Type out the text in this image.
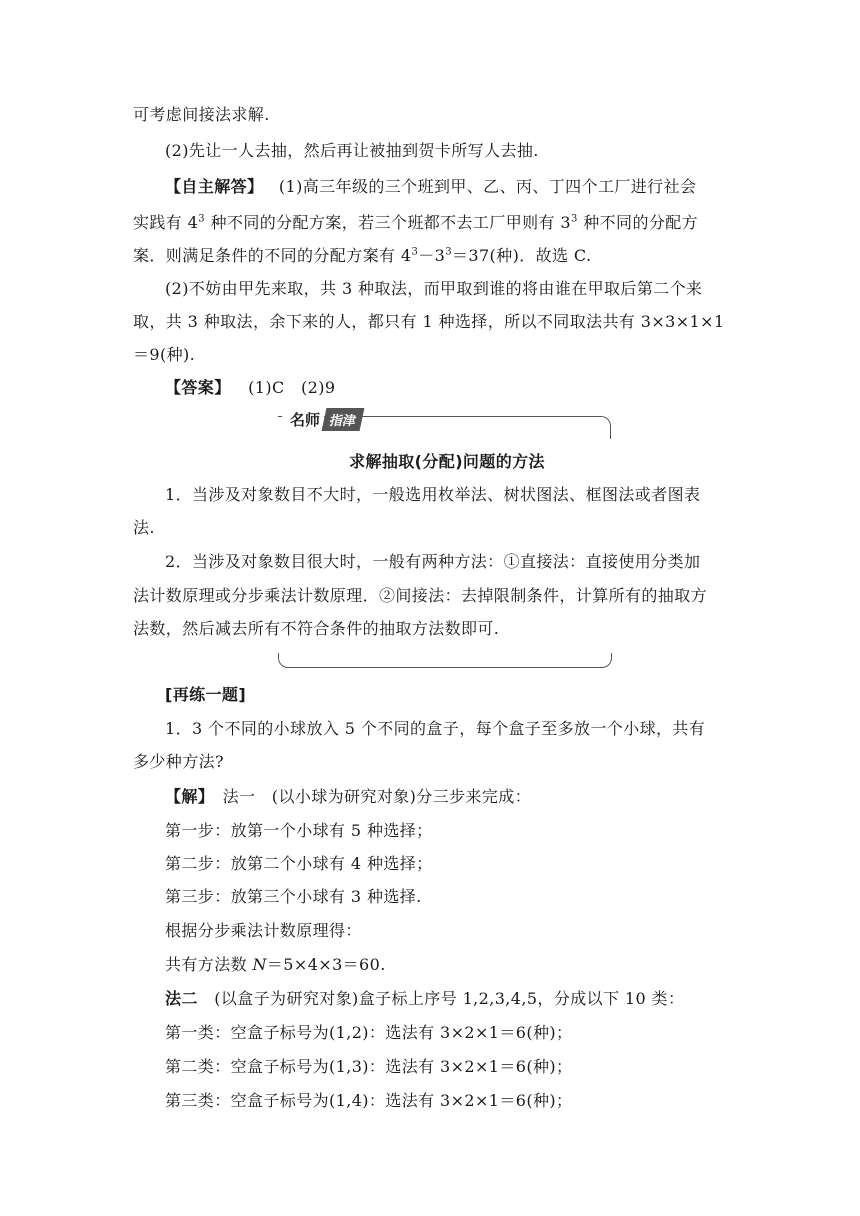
可考虑间接法求解.
(2)先让一人去抽，然后再让被抽到贺卡所写人去抽.
【自主解答】 (1)高三年级的三个班到甲、乙、丙、丁四个工厂进行社会
实践有 $4^3$ 种不同的分配方案，若三个班都不去工厂甲则有 $3^3$ 种不同的分配方
案．则满足条件的不同的分配方案有 $4^3-3^3=37$(种)．故选 C.
(2)不妨由甲先来取，共 3 种取法，而甲取到谁的将由谁在甲取后第二个来
取，共 3 种取法，余下来的人，都只有 1 种选择，所以不同取法共有 3×3×1×1
＝9(种).
【答案】 (1)C　(2)9
名师 指津
求解抽取(分配)问题的方法
1．当涉及对象数目不大时，一般选用枚举法、树状图法、框图法或者图表
法.
2．当涉及对象数目很大时，一般有两种方法：①直接法：直接使用分类加
法计数原理或分步乘法计数原理．②间接法：去掉限制条件，计算所有的抽取方
法数，然后减去所有不符合条件的抽取方法数即可.
[再练一题]
1．3 个不同的小球放入 5 个不同的盒子，每个盒子至多放一个小球，共有
多少种方法?
【解】　法一　(以小球为研究对象)分三步来完成：
第一步：放第一个小球有 5 种选择；
第二步：放第二个小球有 4 种选择；
第三步：放第三个小球有 3 种选择.
根据分步乘法计数原理得：
共有方法数 N＝5×4×3＝60.
法二　(以盒子为研究对象)盒子标上序号 1,2,3,4,5，分成以下 10 类：
第一类：空盒子标号为(1,2)：选法有 3×2×1＝6(种)；
第二类：空盒子标号为(1,3)：选法有 3×2×1＝6(种)；
第三类：空盒子标号为(1,4)：选法有 3×2×1＝6(种)；
